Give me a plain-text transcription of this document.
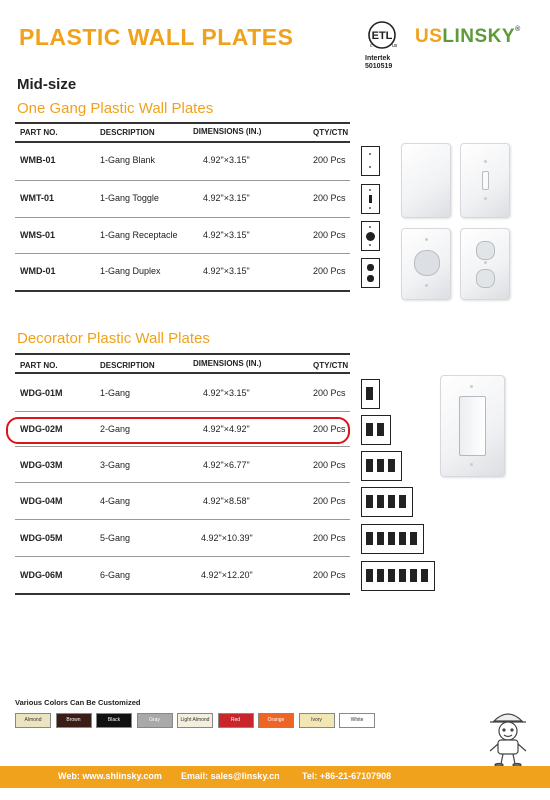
PLASTIC WALL PLATES	ETL
c	us
Intertek
5010519
USLINSKY®
Mid-size
One Gang Plastic Wall Plates
PART NO.	DESCRIPTION	DIMENSIONS (IN.)	QTY/CTN
WMB-01	1-Gang Blank	4.92"×3.15"	200 Pcs
WMT-01	1-Gang Toggle	4.92"×3.15"	200 Pcs
WMS-01	1-Gang Receptacle	4.92"×3.15"	200 Pcs
WMD-01	1-Gang Duplex	4.92"×3.15"	200 Pcs
Decorator Plastic Wall Plates
PART NO.	DESCRIPTION	DIMENSIONS (IN.)	QTY/CTN
WDG-01M	1-Gang	4.92"×3.15"	200 Pcs
WDG-02M	2-Gang	4.92"×4.92"	200 Pcs
WDG-03M	3-Gang	4.92"×6.77"	200 Pcs
WDG-04M	4-Gang	4.92"×8.58"	200 Pcs
WDG-05M	5-Gang	4.92"×10.39"	200 Pcs
WDG-06M	6-Gang	4.92"×12.20"	200 Pcs
Various Colors Can Be Customized
Almond	Brown	Black	Gray	Light Almond	Red	Orange	Ivory	White
Web: www.shlinsky.com Email: sales@linsky.cn Tel: +86-21-67107908
